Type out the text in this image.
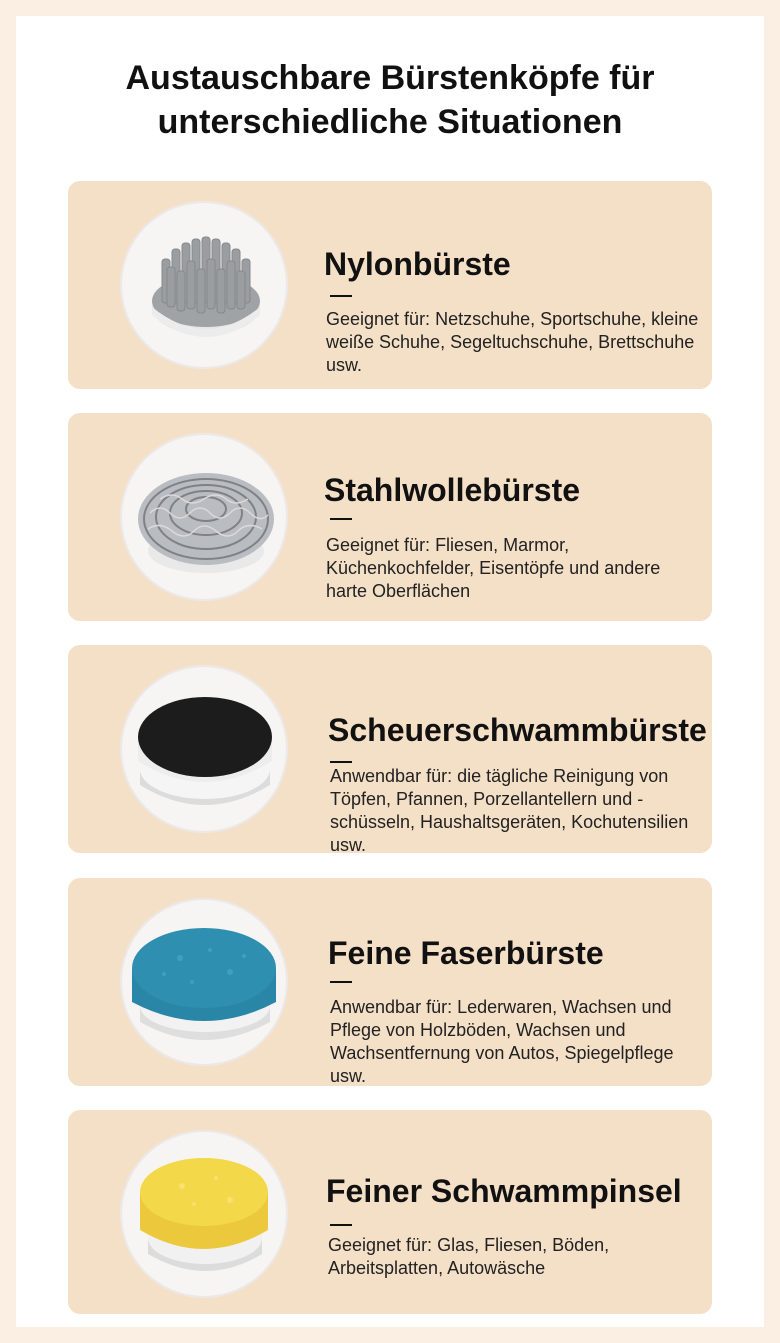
Austauschbare Bürstenköpfe für
unterschiedliche Situationen
Nylonbürste
Geeignet für: Netzschuhe, Sportschuhe, kleine weiße Schuhe, Segeltuchschuhe, Brettschuhe usw.
Stahlwollebürste
Geeignet für: Fliesen, Marmor, Küchenkochfelder, Eisentöpfe und andere harte Oberflächen
Scheuerschwammbürste
Anwendbar für: die tägliche Reinigung von Töpfen, Pfannen, Porzellantellern und -schüsseln, Haushaltsgeräten, Kochutensilien usw.
Feine Faserbürste
Anwendbar für: Lederwaren, Wachsen und Pflege von Holzböden, Wachsen und Wachsentfernung von Autos, Spiegelpflege usw.
Feiner Schwammpinsel
Geeignet für: Glas, Fliesen, Böden, Arbeitsplatten, Autowäsche
